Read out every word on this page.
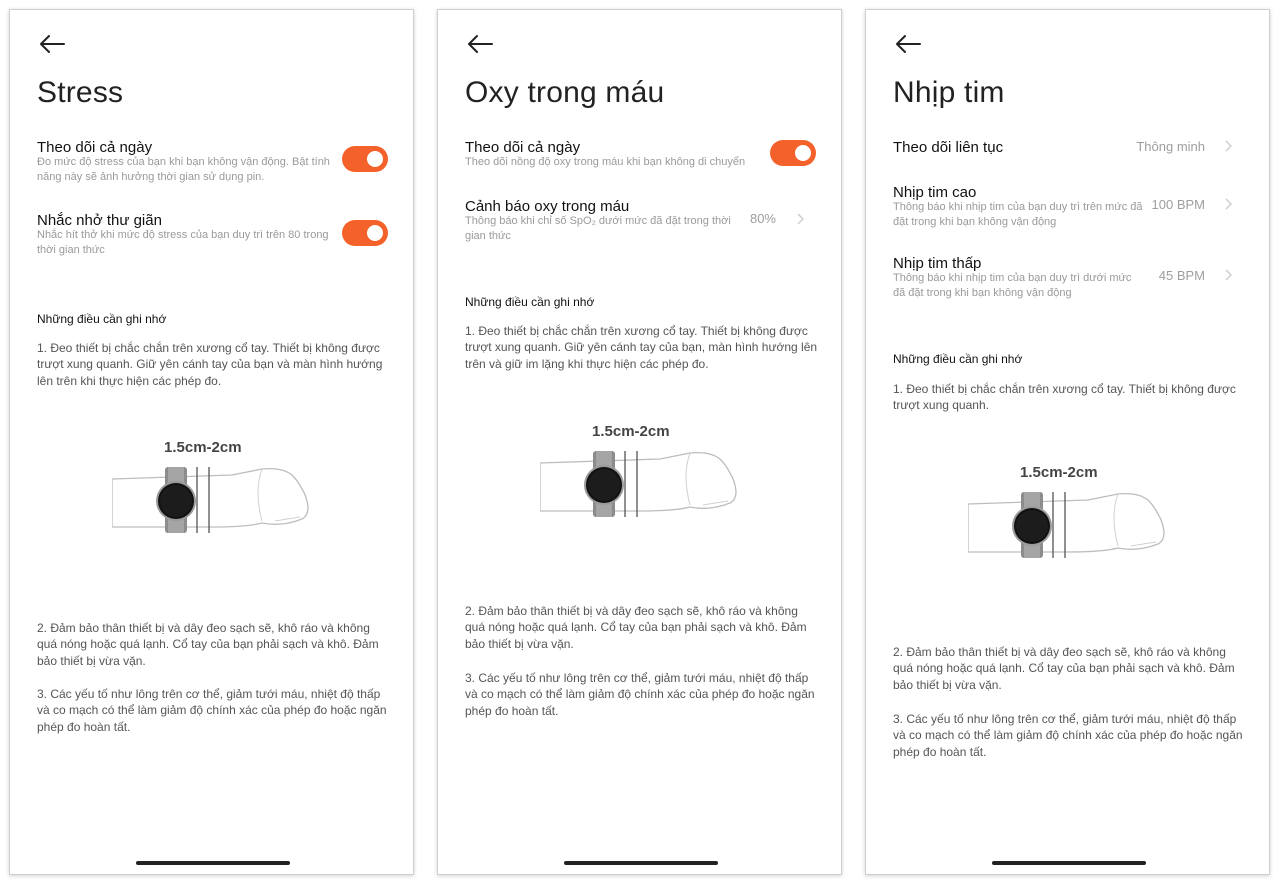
Stress
Theo dõi cả ngày
Đo mức độ stress của bạn khi bạn không vận động. Bật tính năng này sẽ ảnh hưởng thời gian sử dụng pin.
Nhắc nhở thư giãn
Nhắc hít thở khi mức độ stress của bạn duy trì trên 80 trong thời gian thức
Những điều cần ghi nhớ
1. Đeo thiết bị chắc chắn trên xương cổ tay. Thiết bị không được trượt xung quanh. Giữ yên cánh tay của bạn và màn hình hướng lên trên khi thực hiện các phép đo.
1.5cm-2cm
2. Đảm bảo thân thiết bị và dây đeo sạch sẽ, khô ráo và không quá nóng hoặc quá lạnh. Cổ tay của bạn phải sạch và khô. Đảm bảo thiết bị vừa vặn.
3. Các yếu tố như lông trên cơ thể, giảm tưới máu, nhiệt độ thấp và co mạch có thể làm giảm độ chính xác của phép đo hoặc ngăn phép đo hoàn tất.
Oxy trong máu
Theo dõi cả ngày
Theo dõi nồng độ oxy trong máu khi bạn không di chuyển
Cảnh báo oxy trong máu
Thông báo khi chỉ số SpO₂ dưới mức đã đặt trong thời gian thức
80%
Những điều cần ghi nhớ
1. Đeo thiết bị chắc chắn trên xương cổ tay. Thiết bị không được trượt xung quanh. Giữ yên cánh tay của bạn, màn hình hướng lên trên và giữ im lặng khi thực hiện các phép đo.
1.5cm-2cm
2. Đảm bảo thân thiết bị và dây đeo sạch sẽ, khô ráo và không quá nóng hoặc quá lạnh. Cổ tay của bạn phải sạch và khô. Đảm bảo thiết bị vừa vặn.
3. Các yếu tố như lông trên cơ thể, giảm tưới máu, nhiệt độ thấp và co mạch có thể làm giảm độ chính xác của phép đo hoặc ngăn phép đo hoàn tất.
Nhịp tim
Theo dõi liên tục	Thông minh
Nhịp tim cao
Thông báo khi nhịp tim của bạn duy trì trên mức đã đặt trong khi bạn không vận động
100 BPM
Nhịp tim thấp
Thông báo khi nhịp tim của bạn duy trì dưới mức đã đặt trong khi bạn không vận động
45 BPM
Những điều cần ghi nhớ
1. Đeo thiết bị chắc chắn trên xương cổ tay. Thiết bị không được trượt xung quanh.
1.5cm-2cm
2. Đảm bảo thân thiết bị và dây đeo sạch sẽ, khô ráo và không quá nóng hoặc quá lạnh. Cổ tay của bạn phải sạch và khô. Đảm bảo thiết bị vừa vặn.
3. Các yếu tố như lông trên cơ thể, giảm tưới máu, nhiệt độ thấp và co mạch có thể làm giảm độ chính xác của phép đo hoặc ngăn phép đo hoàn tất.
